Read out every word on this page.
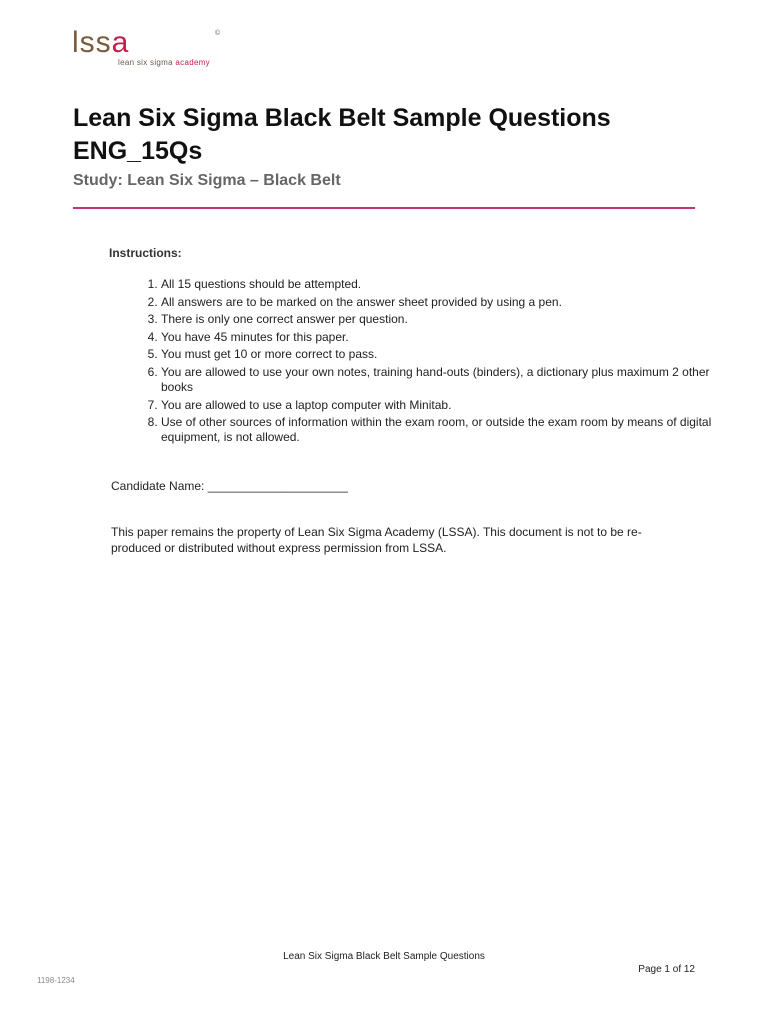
lssa	©
lean six sigma academy
Lean Six Sigma Black Belt Sample Questions ENG_15Qs
Study: Lean Six Sigma – Black Belt
Instructions:
1. All 15 questions should be attempted.
2. All answers are to be marked on the answer sheet provided by using a pen.
3. There is only one correct answer per question.
4. You have 45 minutes for this paper.
5. You must get 10 or more correct to pass.
6. You are allowed to use your own notes, training hand-outs (binders), a dictionary plus maximum 2 other books
7. You are allowed to use a laptop computer with Minitab.
8. Use of other sources of information within the exam room, or outside the exam room by means of digital equipment, is not allowed.
Candidate Name: _____________________
This paper remains the property of Lean Six Sigma Academy (LSSA). This document is not to be re-produced or distributed without express permission from LSSA.
Lean Six Sigma Black Belt Sample Questions
Page 1 of 12
1198-1234
